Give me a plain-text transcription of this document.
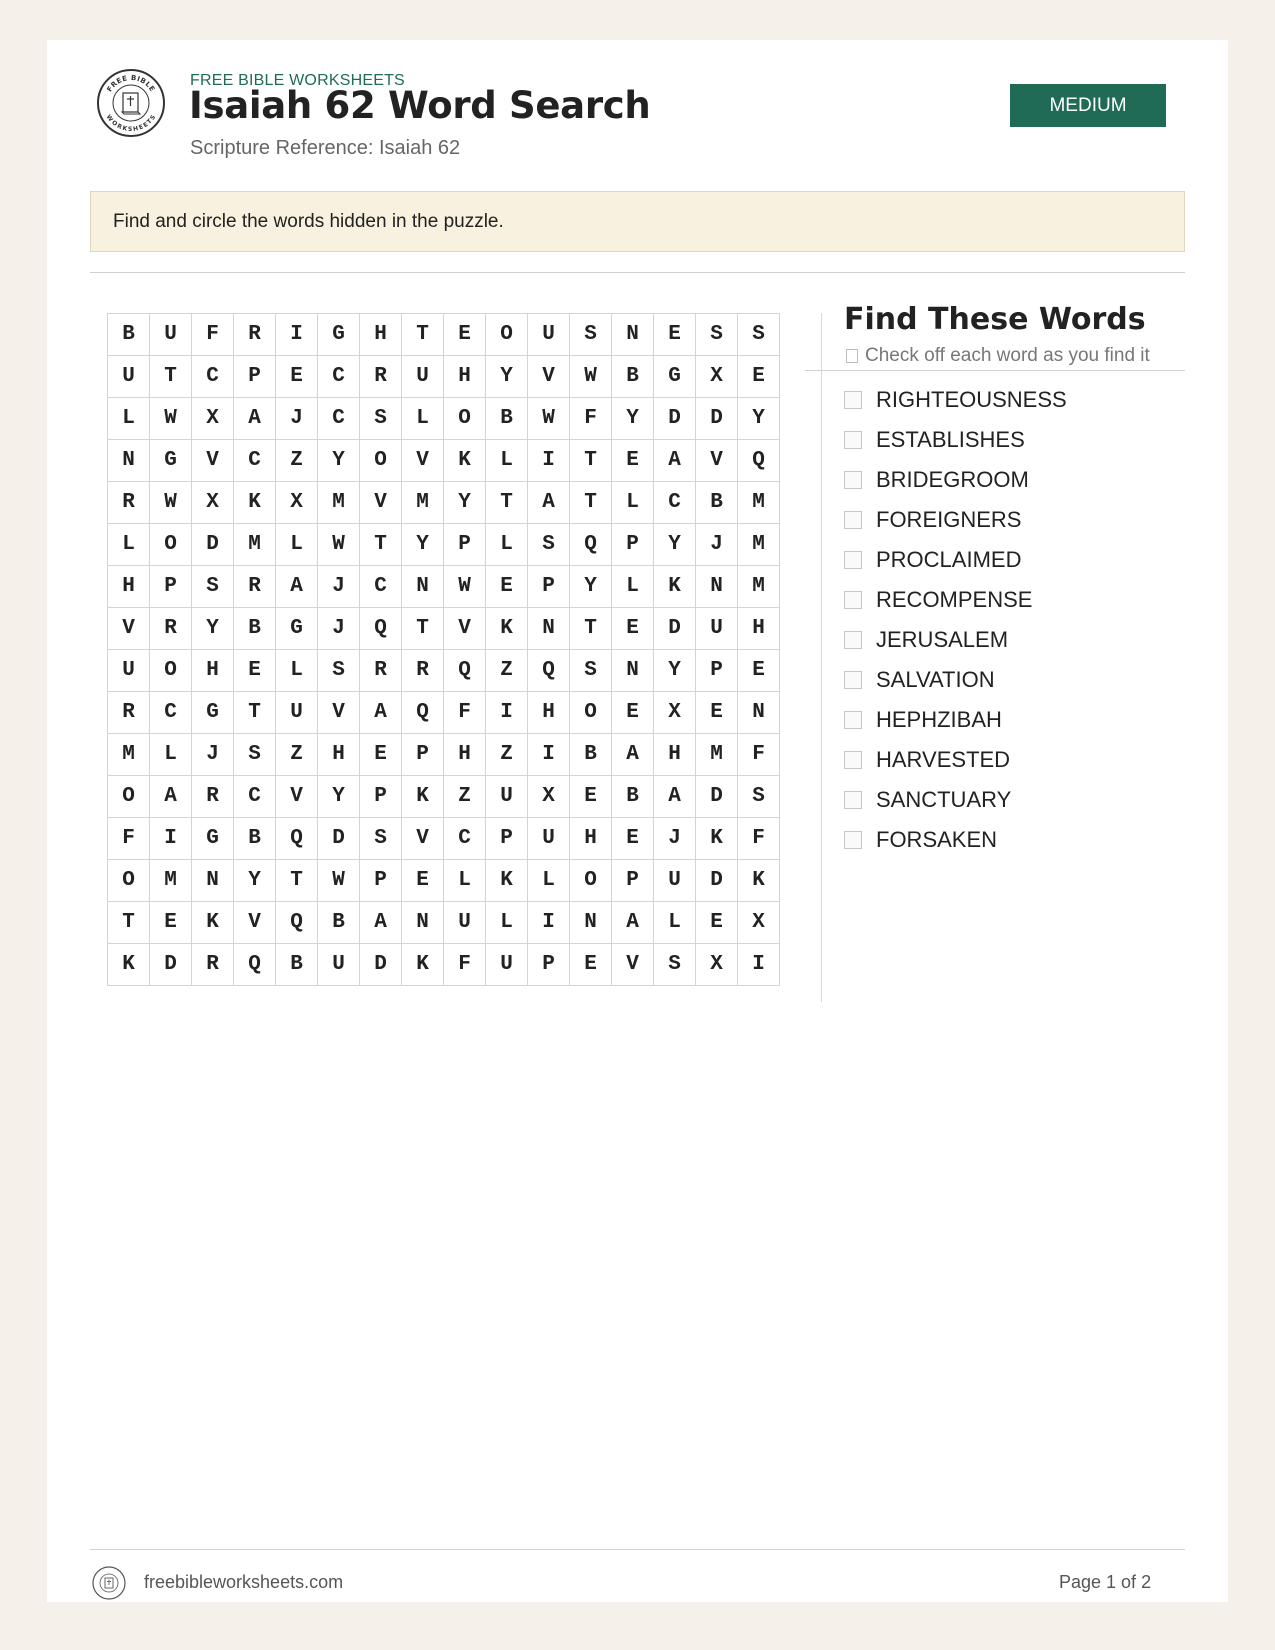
FREE BIBLE
WORKSHEETS
FREE BIBLE WORKSHEETS
Isaiah 62 Word Search
Scripture Reference: Isaiah 62
MEDIUM
Find and circle the words hidden in the puzzle.
B	U	F	R	I	G	H	T	E	O	U	S	N	E	S	S
U	T	C	P	E	C	R	U	H	Y	V	W	B	G	X	E
L	W	X	A	J	C	S	L	O	B	W	F	Y	D	D	Y
N	G	V	C	Z	Y	O	V	K	L	I	T	E	A	V	Q
R	W	X	K	X	M	V	M	Y	T	A	T	L	C	B	M
L	O	D	M	L	W	T	Y	P	L	S	Q	P	Y	J	M
H	P	S	R	A	J	C	N	W	E	P	Y	L	K	N	M
V	R	Y	B	G	J	Q	T	V	K	N	T	E	D	U	H
U	O	H	E	L	S	R	R	Q	Z	Q	S	N	Y	P	E
R	C	G	T	U	V	A	Q	F	I	H	O	E	X	E	N
M	L	J	S	Z	H	E	P	H	Z	I	B	A	H	M	F
O	A	R	C	V	Y	P	K	Z	U	X	E	B	A	D	S
F	I	G	B	Q	D	S	V	C	P	U	H	E	J	K	F
O	M	N	Y	T	W	P	E	L	K	L	O	P	U	D	K
T	E	K	V	Q	B	A	N	U	L	I	N	A	L	E	X
K	D	R	Q	B	U	D	K	F	U	P	E	V	S	X	I
Find These Words
Check off each word as you find it
RIGHTEOUSNESS
ESTABLISHES
BRIDEGROOM
FOREIGNERS
PROCLAIMED
RECOMPENSE
JERUSALEM
SALVATION
HEPHZIBAH
HARVESTED
SANCTUARY
FORSAKEN
freebibleworksheets.com	Page 1 of 2
